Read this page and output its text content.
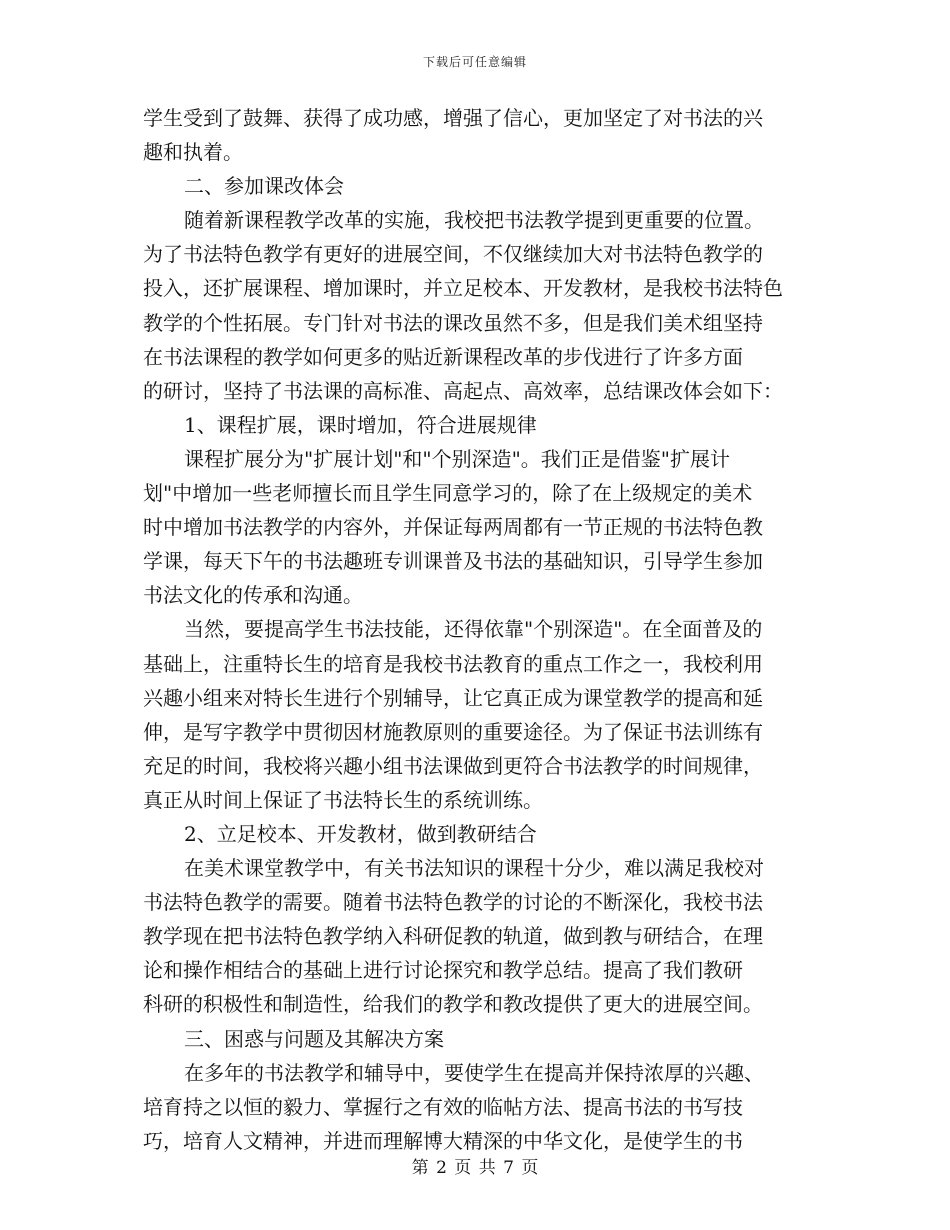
下载后可任意编辑
学生受到了鼓舞、获得了成功感，增强了信心，更加坚定了对书法的兴
趣和执着。
二、参加课改体会
随着新课程教学改革的实施，我校把书法教学提到更重要的位置。
为了书法特色教学有更好的进展空间，不仅继续加大对书法特色教学的
投入，还扩展课程、增加课时，并立足校本、开发教材，是我校书法特色
教学的个性拓展。专门针对书法的课改虽然不多，但是我们美术组坚持
在书法课程的教学如何更多的贴近新课程改革的步伐进行了许多方面
的研讨，坚持了书法课的高标准、高起点、高效率，总结课改体会如下：
1、课程扩展，课时增加，符合进展规律
课程扩展分为"扩展计划"和"个别深造"。我们正是借鉴"扩展计
划"中增加一些老师擅长而且学生同意学习的，除了在上级规定的美术
时中增加书法教学的内容外，并保证每两周都有一节正规的书法特色教
学课，每天下午的书法趣班专训课普及书法的基础知识，引导学生参加
书法文化的传承和沟通。
当然，要提高学生书法技能，还得依靠"个别深造"。在全面普及的
基础上，注重特长生的培育是我校书法教育的重点工作之一，我校利用
兴趣小组来对特长生进行个别辅导，让它真正成为课堂教学的提高和延
伸，是写字教学中贯彻因材施教原则的重要途径。为了保证书法训练有
充足的时间，我校将兴趣小组书法课做到更符合书法教学的时间规律，
真正从时间上保证了书法特长生的系统训练。
2、立足校本、开发教材，做到教研结合
在美术课堂教学中，有关书法知识的课程十分少，难以满足我校对
书法特色教学的需要。随着书法特色教学的讨论的不断深化，我校书法
教学现在把书法特色教学纳入科研促教的轨道，做到教与研结合，在理
论和操作相结合的基础上进行讨论探究和教学总结。提高了我们教研
科研的积极性和制造性，给我们的教学和教改提供了更大的进展空间。
三、困惑与问题及其解决方案
在多年的书法教学和辅导中，要使学生在提高并保持浓厚的兴趣、
培育持之以恒的毅力、掌握行之有效的临帖方法、提高书法的书写技
巧，培育人文精神，并进而理解博大精深的中华文化，是使学生的书
第 2 页 共 7 页
